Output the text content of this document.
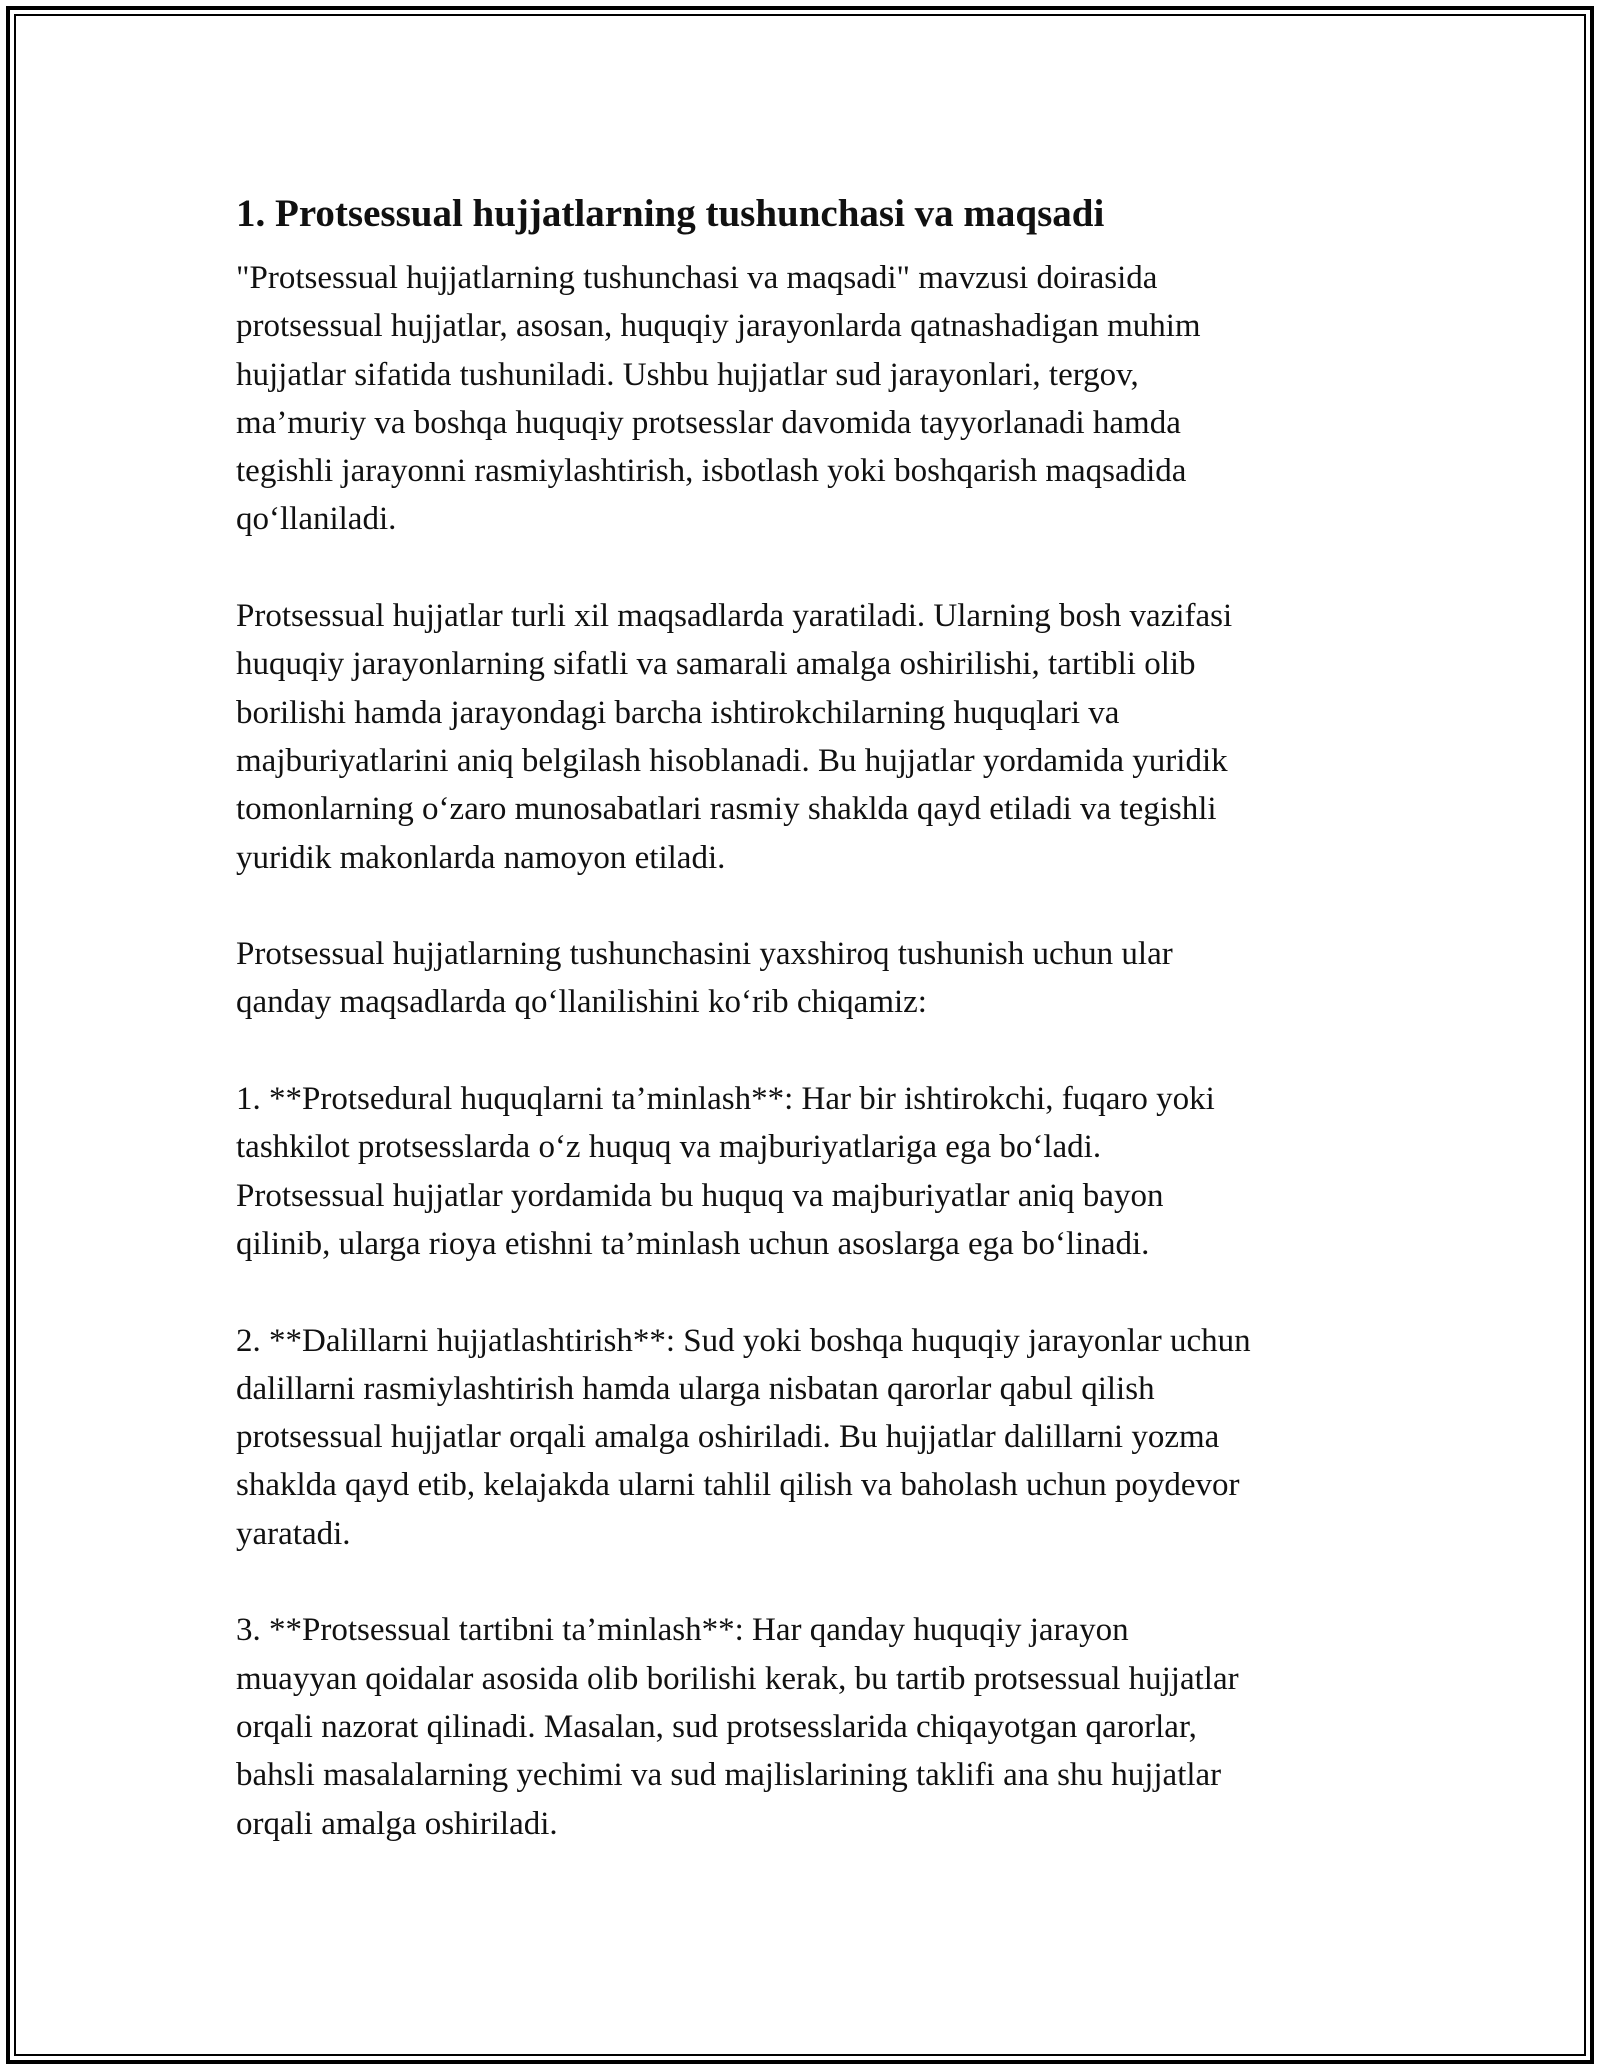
1. Protsessual hujjatlarning tushunchasi va maqsadi

"Protsessual hujjatlarning tushunchasi va maqsadi" mavzusi doirasida
protsessual hujjatlar, asosan, huquqiy jarayonlarda qatnashadigan muhim
hujjatlar sifatida tushuniladi. Ushbu hujjatlar sud jarayonlari, tergov,
ma’muriy va boshqa huquqiy protsesslar davomida tayyorlanadi hamda
tegishli jarayonni rasmiylashtirish, isbotlash yoki boshqarish maqsadida
qo‘llaniladi.

Protsessual hujjatlar turli xil maqsadlarda yaratiladi. Ularning bosh vazifasi
huquqiy jarayonlarning sifatli va samarali amalga oshirilishi, tartibli olib
borilishi hamda jarayondagi barcha ishtirokchilarning huquqlari va
majburiyatlarini aniq belgilash hisoblanadi. Bu hujjatlar yordamida yuridik
tomonlarning o‘zaro munosabatlari rasmiy shaklda qayd etiladi va tegishli
yuridik makonlarda namoyon etiladi.

Protsessual hujjatlarning tushunchasini yaxshiroq tushunish uchun ular
qanday maqsadlarda qo‘llanilishini ko‘rib chiqamiz:

1. **Protsedural huquqlarni ta’minlash**: Har bir ishtirokchi, fuqaro yoki
tashkilot protsesslarda o‘z huquq va majburiyatlariga ega bo‘ladi.
Protsessual hujjatlar yordamida bu huquq va majburiyatlar aniq bayon
qilinib, ularga rioya etishni ta’minlash uchun asoslarga ega bo‘linadi.

2. **Dalillarni hujjatlashtirish**: Sud yoki boshqa huquqiy jarayonlar uchun
dalillarni rasmiylashtirish hamda ularga nisbatan qarorlar qabul qilish
protsessual hujjatlar orqali amalga oshiriladi. Bu hujjatlar dalillarni yozma
shaklda qayd etib, kelajakda ularni tahlil qilish va baholash uchun poydevor
yaratadi.

3. **Protsessual tartibni ta’minlash**: Har qanday huquqiy jarayon
muayyan qoidalar asosida olib borilishi kerak, bu tartib protsessual hujjatlar
orqali nazorat qilinadi. Masalan, sud protsesslarida chiqayotgan qarorlar,
bahsli masalalarning yechimi va sud majlislarining taklifi ana shu hujjatlar
orqali amalga oshiriladi.
